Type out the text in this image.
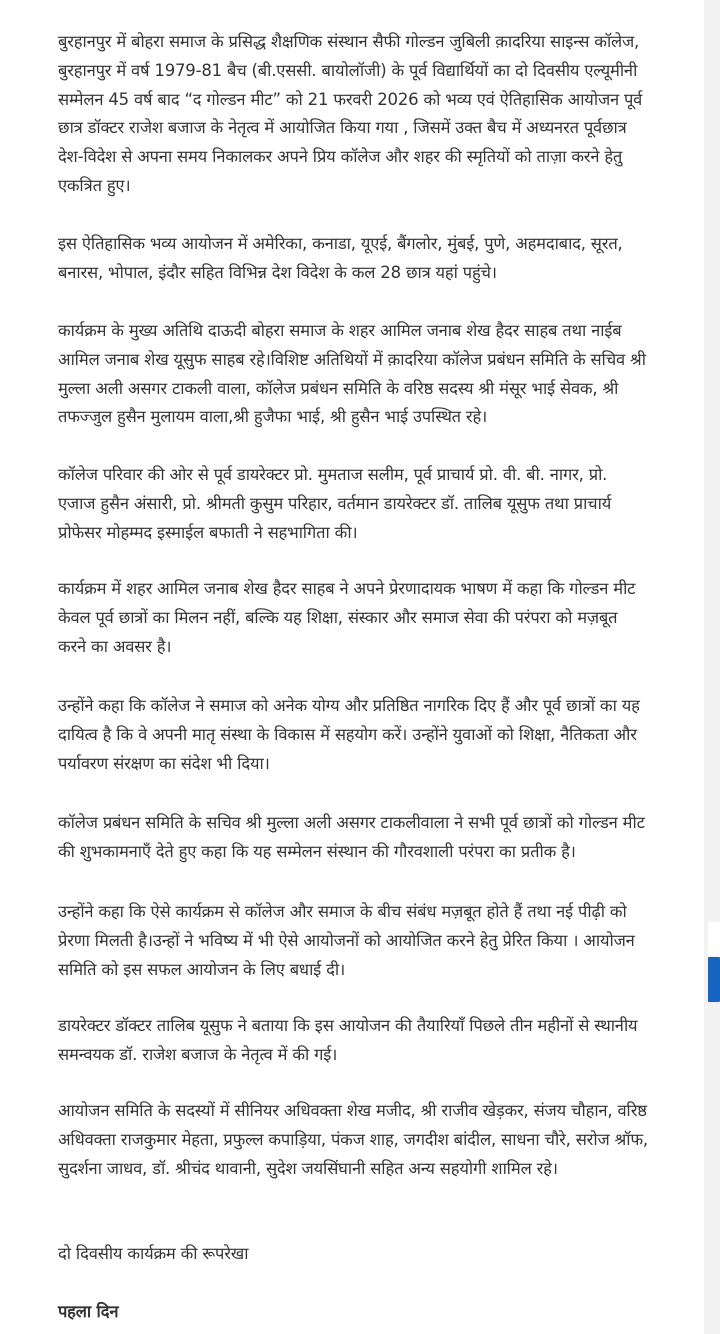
बुरहानपुर में बोहरा समाज के प्रसिद्ध शैक्षणिक संस्थान सैफी गोल्डन जुबिली क़ादरिया साइन्स कॉलेज, बुरहानपुर में वर्ष 1979-81 बैच (बी.एससी. बायोलॉजी) के पूर्व विद्यार्थियों का दो दिवसीय एल्यूमीनी सम्मेलन 45 वर्ष बाद “द गोल्डन मीट” को 21 फरवरी 2026 को भव्य एवं ऐतिहासिक आयोजन पूर्व छात्र डॉक्टर राजेश बजाज के नेतृत्व में आयोजित किया गया , जिसमें उक्त बैच में अध्यनरत पूर्वछात्र देश-विदेश से अपना समय निकालकर अपने प्रिय कॉलेज और शहर की स्मृतियों को ताज़ा करने हेतु एकत्रित हुए।

इस ऐतिहासिक भव्य आयोजन में अमेरिका, कनाडा, यूएई, बैंगलोर, मुंबई, पुणे, अहमदाबाद, सूरत, बनारस, भोपाल, इंदौर सहित विभिन्न देश विदेश के कल 28 छात्र यहां पहुंचे।

कार्यक्रम के मुख्य अतिथि दाऊदी बोहरा समाज के शहर आमिल जनाब शेख हैदर साहब तथा नाईब आमिल जनाब शेख यूसुफ साहब रहे।विशिष्ट अतिथियों में क़ादरिया कॉलेज प्रबंधन समिति के सचिव श्री मुल्ला अली असगर टाकली वाला, कॉलेज प्रबंधन समिति के वरिष्ठ सदस्य श्री मंसूर भाई सेवक, श्री तफज्जुल हुसैन मुलायम वाला,श्री हुजैफा भाई, श्री हुसैन भाई उपस्थित रहे।

कॉलेज परिवार की ओर से पूर्व डायरेक्टर प्रो. मुमताज सलीम, पूर्व प्राचार्य प्रो. वी. बी. नागर, प्रो. एजाज हुसैन अंसारी, प्रो. श्रीमती कुसुम परिहार, वर्तमान डायरेक्टर डॉ. तालिब यूसुफ तथा प्राचार्य प्रोफेसर मोहम्मद इस्माईल बफाती ने सहभागिता की।

कार्यक्रम में शहर आमिल जनाब शेख हैदर साहब ने अपने प्रेरणादायक भाषण में कहा कि गोल्डन मीट केवल पूर्व छात्रों का मिलन नहीं, बल्कि यह शिक्षा, संस्कार और समाज सेवा की परंपरा को मज़बूत करने का अवसर है।

उन्होंने कहा कि कॉलेज ने समाज को अनेक योग्य और प्रतिष्ठित नागरिक दिए हैं और पूर्व छात्रों का यह दायित्व है कि वे अपनी मातृ संस्था के विकास में सहयोग करें। उन्होंने युवाओं को शिक्षा, नैतिकता और पर्यावरण संरक्षण का संदेश भी दिया।

कॉलेज प्रबंधन समिति के सचिव श्री मुल्ला अली असगर टाकलीवाला ने सभी पूर्व छात्रों को गोल्डन मीट की शुभकामनाएँ देते हुए कहा कि यह सम्मेलन संस्थान की गौरवशाली परंपरा का प्रतीक है।

उन्होंने कहा कि ऐसे कार्यक्रम से कॉलेज और समाज के बीच संबंध मज़बूत होते हैं तथा नई पीढ़ी को प्रेरणा मिलती है।उन्हों ने भविष्य में भी ऐसे आयोजनों को आयोजित करने हेतु प्रेरित किया । आयोजन समिति को इस सफल आयोजन के लिए बधाई दी।

डायरेक्टर डॉक्टर तालिब यूसुफ ने बताया कि इस आयोजन की तैयारियाँ पिछले तीन महीनों से स्थानीय समन्वयक डॉ. राजेश बजाज के नेतृत्व में की गई।

आयोजन समिति के सदस्यों में सीनियर अधिवक्ता शेख मजीद, श्री राजीव खेड़कर, संजय चौहान, वरिष्ठ अधिवक्ता राजकुमार मेहता, प्रफुल्ल कपाड़िया, पंकज शाह, जगदीश बांदील, साधना चौरे, सरोज श्रॉफ, सुदर्शना जाधव, डॉ. श्रीचंद थावानी, सुदेश जयसिंघानी सहित अन्य सहयोगी शामिल रहे।

दो दिवसीय कार्यक्रम की रूपरेखा

पहला दिन
